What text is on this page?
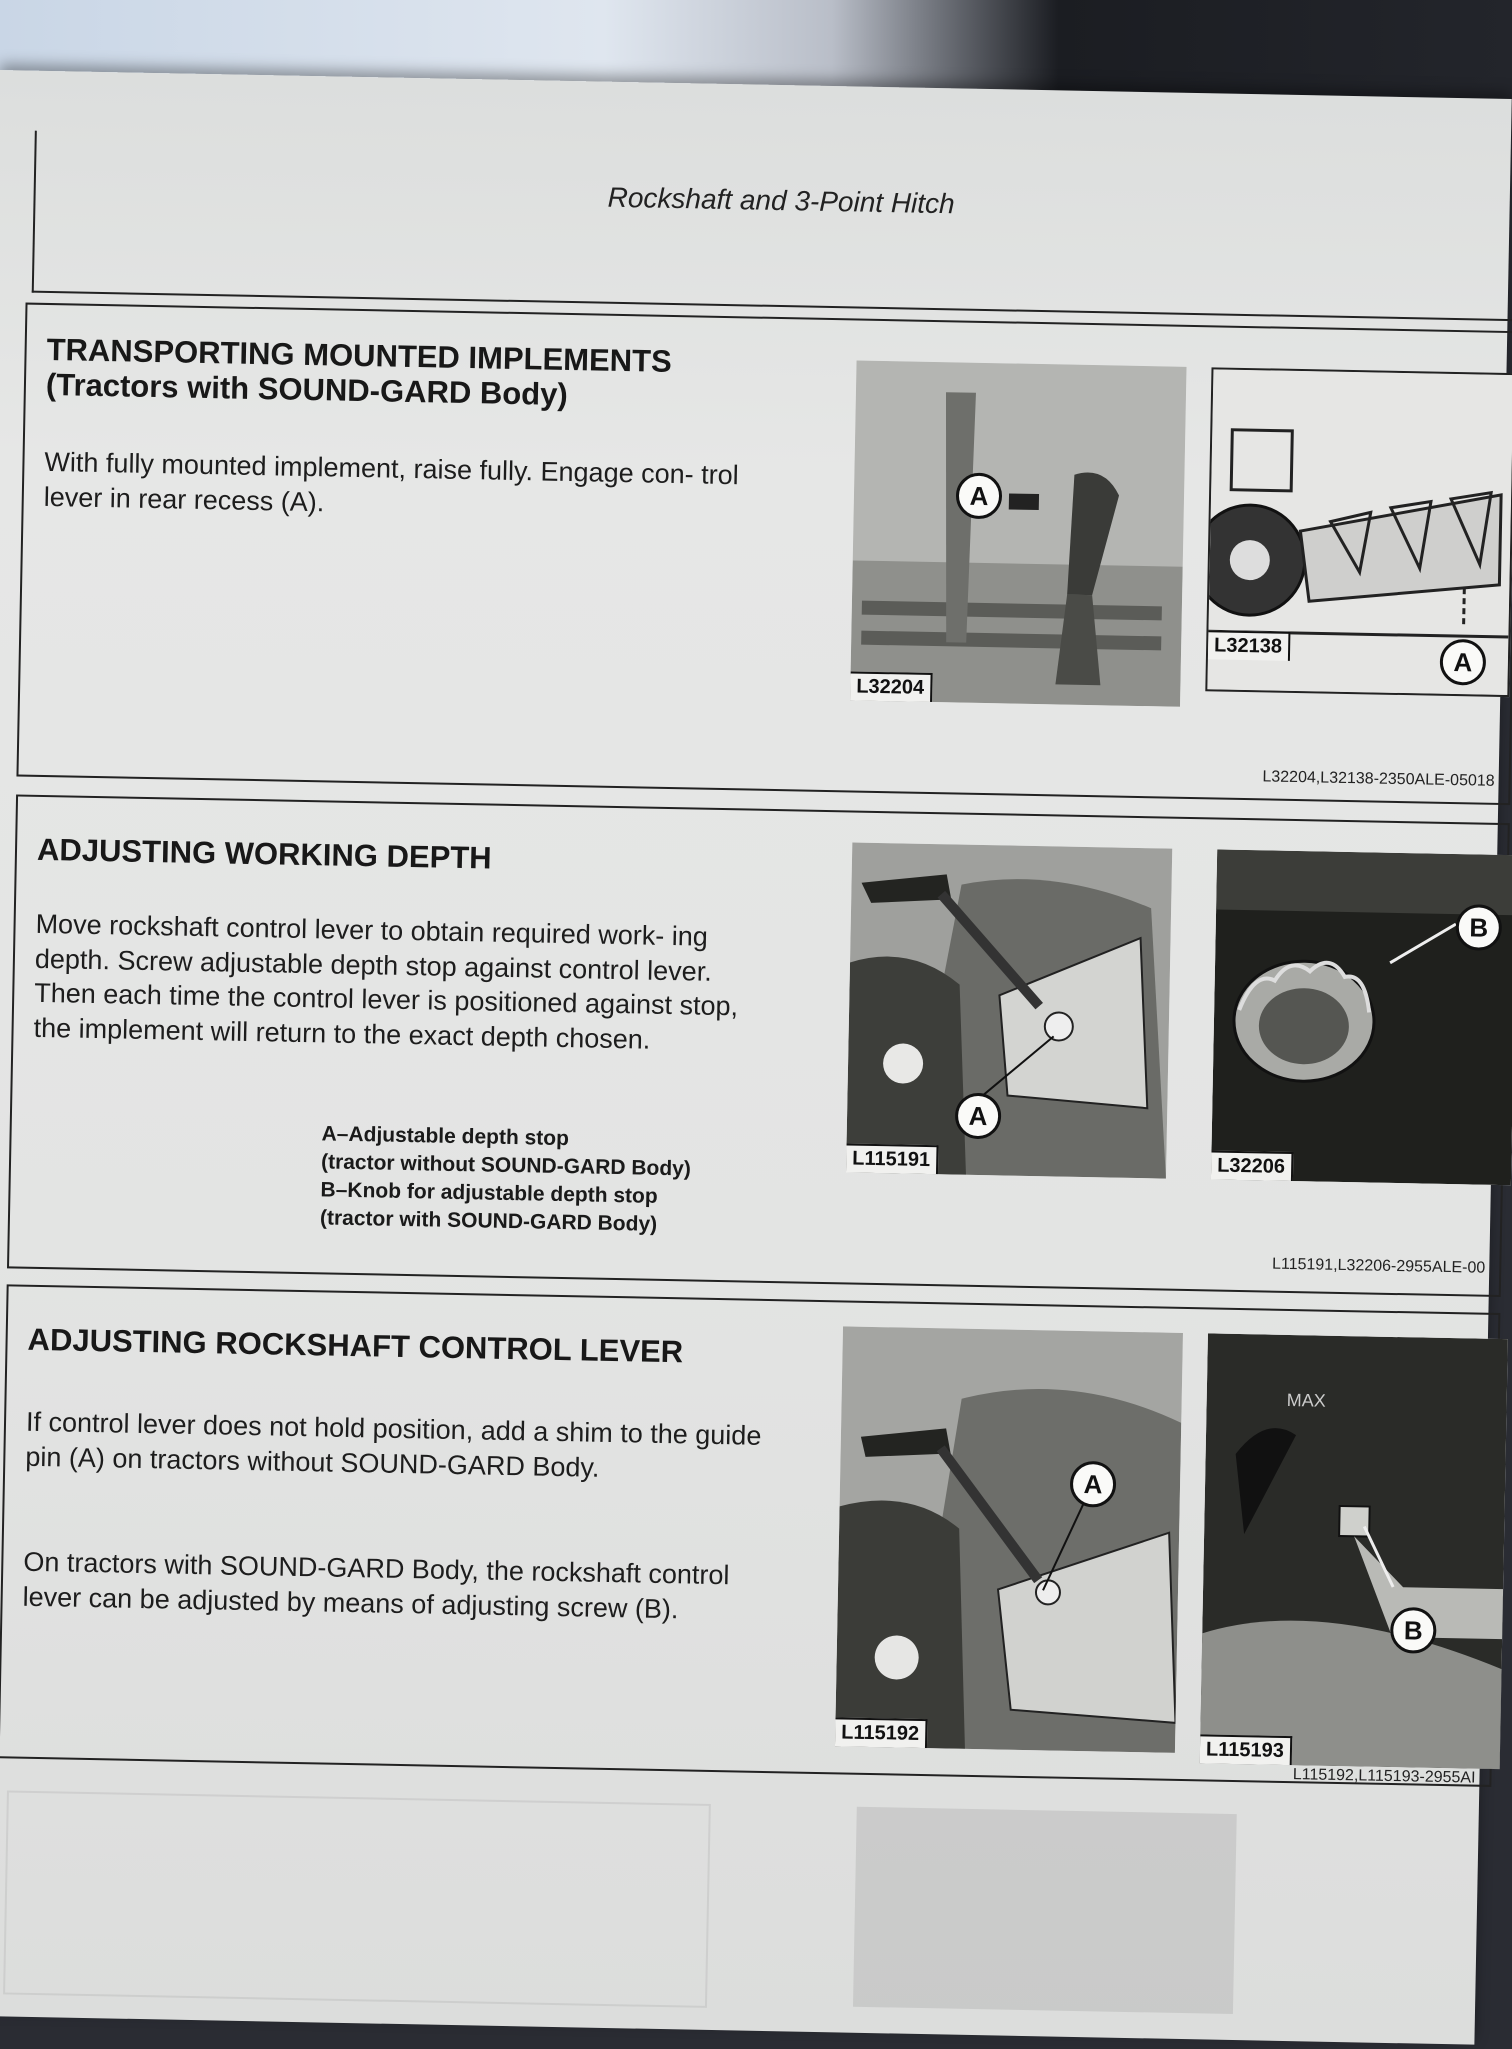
Rockshaft and 3-Point Hitch
TRANSPORTING MOUNTED IMPLEMENTS
(Tractors with SOUND-GARD Body)
With fully mounted implement, raise fully. Engage con- trol lever in rear recess (A).	A
L32204
A
L32138
L32204,L32138-2350ALE-05018
ADJUSTING WORKING DEPTH
Move rockshaft control lever to obtain required work- ing depth. Screw adjustable depth stop against control lever. Then each time the control lever is positioned against stop, the implement will return to the exact depth chosen.
A–Adjustable depth stop
(tractor without SOUND-GARD Body)
B–Knob for adjustable depth stop
(tractor with SOUND-GARD Body)
A
L115191
B
L32206
L115191,L32206-2955ALE-00
ADJUSTING ROCKSHAFT CONTROL LEVER
If control lever does not hold position, add a shim to the guide pin (A) on tractors without SOUND-GARD Body.
On tractors with SOUND-GARD Body, the rockshaft control lever can be adjusted by means of adjusting screw (B).
A
L115192
MAX
B
L115193
L115192,L115193-2955AI
